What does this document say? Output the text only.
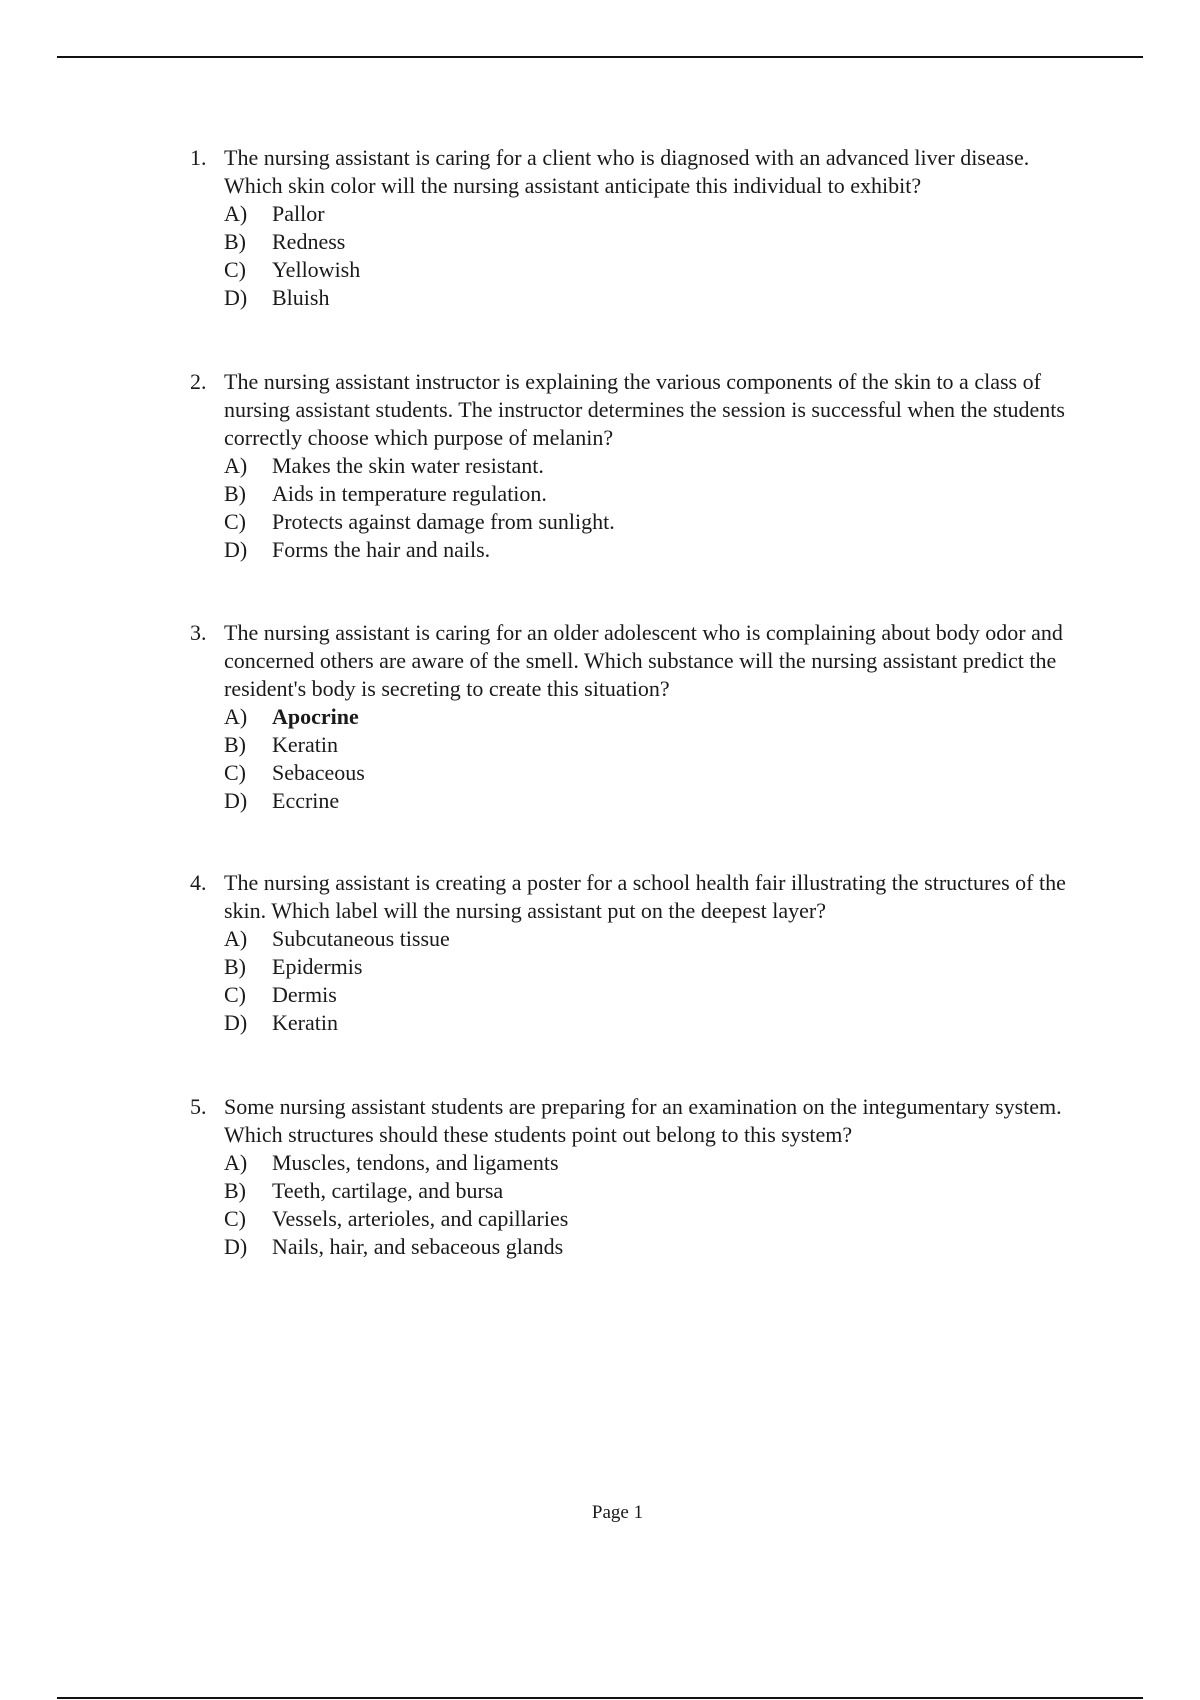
1. The nursing assistant is caring for a client who is diagnosed with an advanced liver disease. Which skin color will the nursing assistant anticipate this individual to exhibit?

A)	Pallor
B)	Redness
C)	Yellowish
D)	Bluish
2. The nursing assistant instructor is explaining the various components of the skin to a class of nursing assistant students. The instructor determines the session is successful when the students correctly choose which purpose of melanin?

A)	Makes the skin water resistant.
B)	Aids in temperature regulation.
C)	Protects against damage from sunlight.
D)	Forms the hair and nails.
3. The nursing assistant is caring for an older adolescent who is complaining about body odor and concerned others are aware of the smell. Which substance will the nursing assistant predict the resident's body is secreting to create this situation?

A)	Apocrine
B)	Keratin
C)	Sebaceous
D)	Eccrine
4. The nursing assistant is creating a poster for a school health fair illustrating the structures of the skin. Which label will the nursing assistant put on the deepest layer?

A)	Subcutaneous tissue
B)	Epidermis
C)	Dermis
D)	Keratin
5. Some nursing assistant students are preparing for an examination on the integumentary system. Which structures should these students point out belong to this system?

A)	Muscles, tendons, and ligaments
B)	Teeth, cartilage, and bursa
C)	Vessels, arterioles, and capillaries
D)	Nails, hair, and sebaceous glands
Page 1
